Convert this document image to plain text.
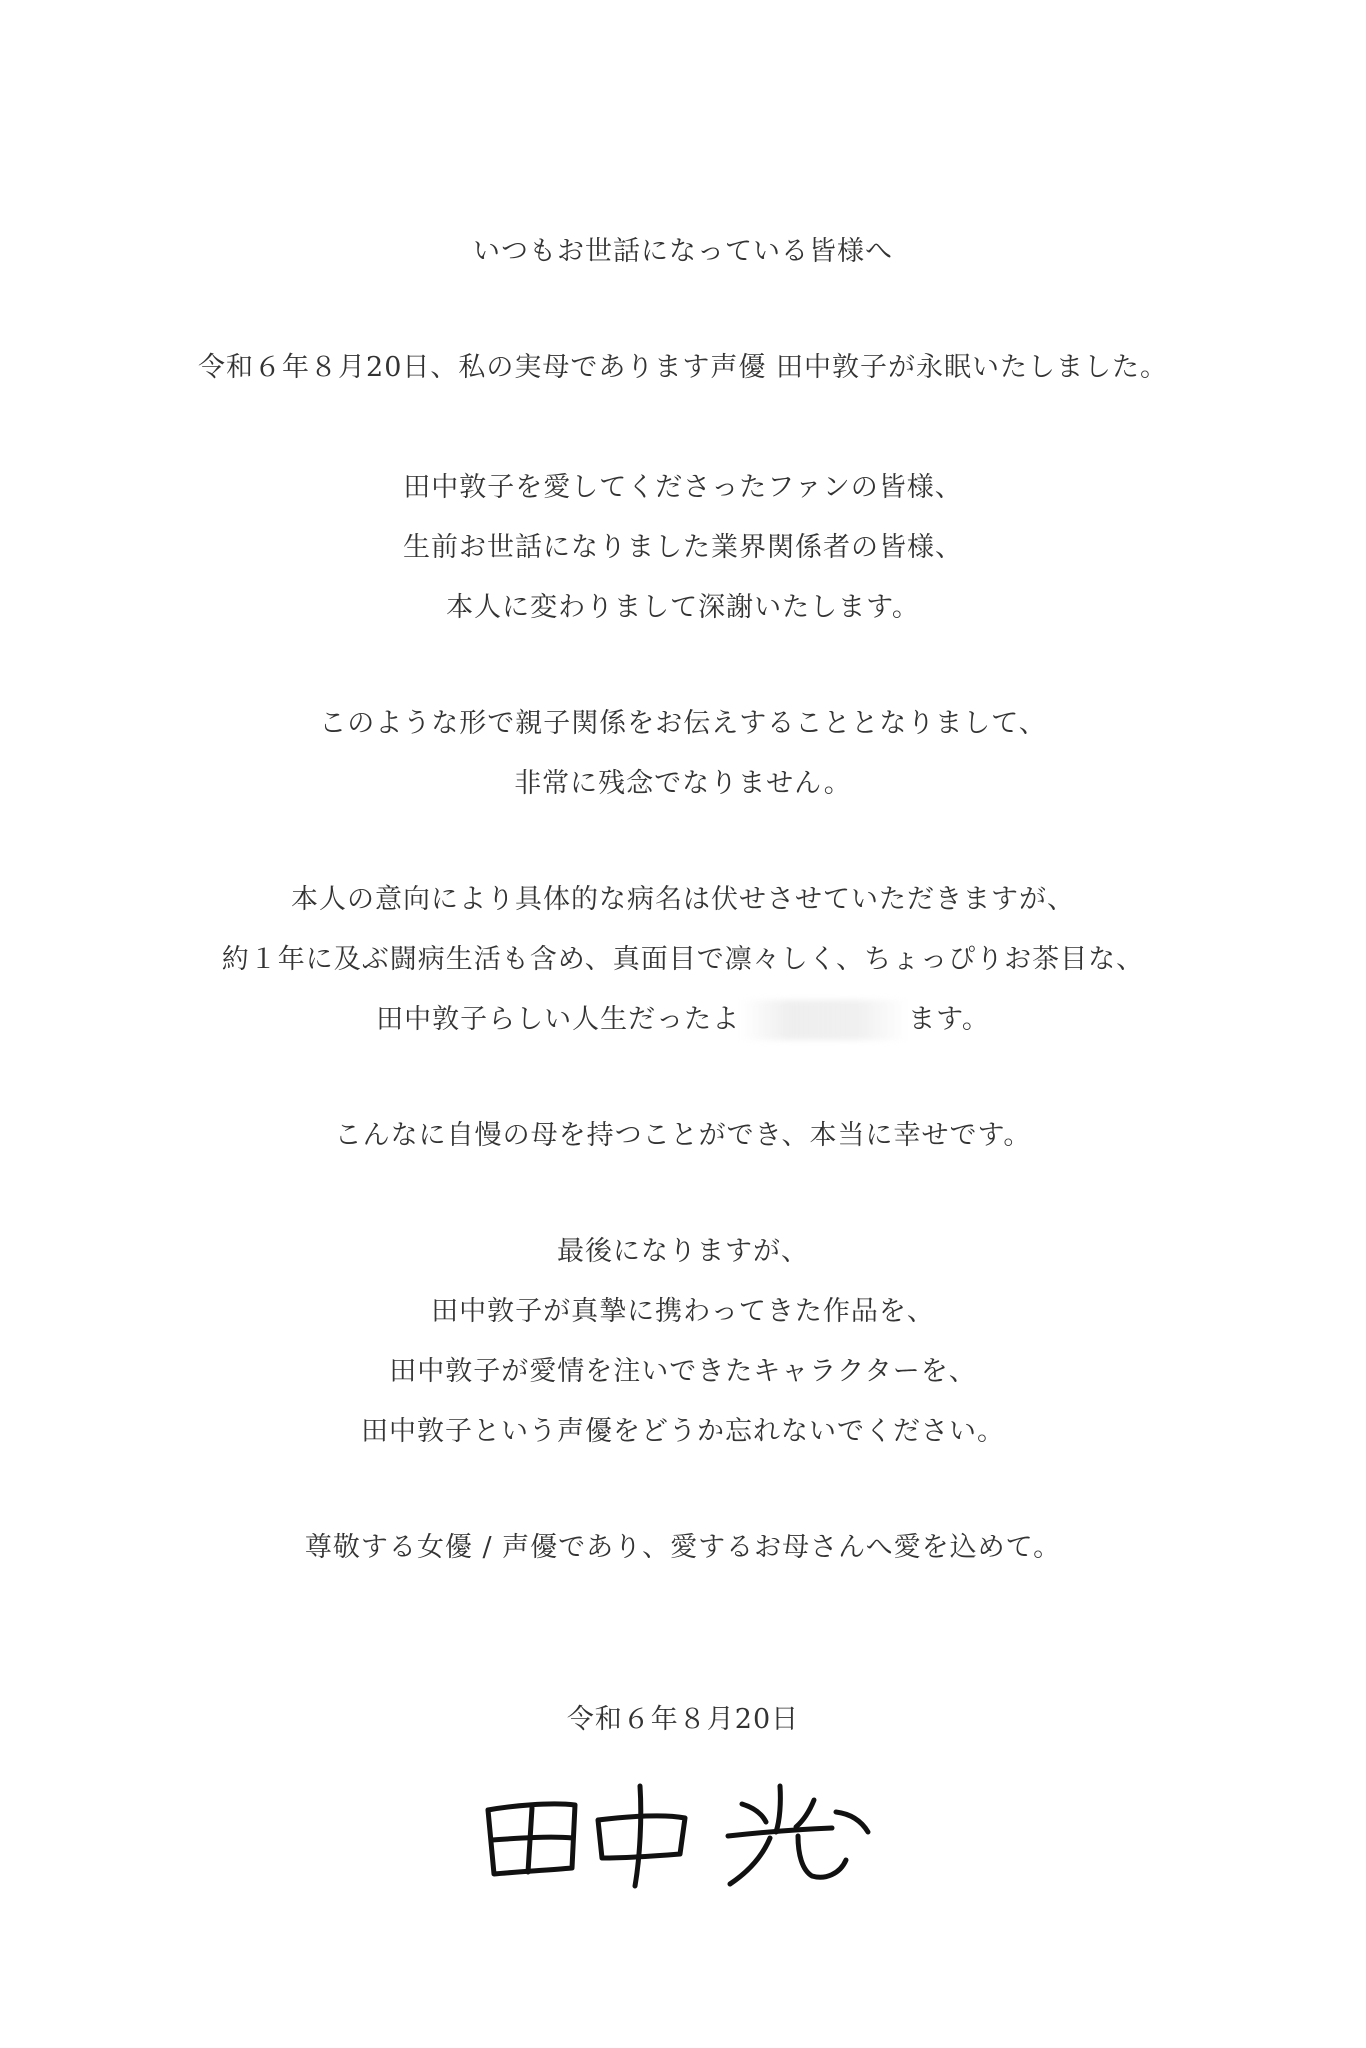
いつもお世話になっている皆様へ
令和６年８月20日、私の実母であります声優 田中敦子が永眠いたしました。
田中敦子を愛してくださったファンの皆様、
生前お世話になりました業界関係者の皆様、
本人に変わりまして深謝いたします。
このような形で親子関係をお伝えすることとなりまして、
非常に残念でなりません。
本人の意向により具体的な病名は伏せさせていただきますが、
約１年に及ぶ闘病生活も含め、真面目で凛々しく、ちょっぴりお茶目な、
田中敦子らしい人生だったよ	ます。
こんなに自慢の母を持つことができ、本当に幸せです。
最後になりますが、
田中敦子が真摯に携わってきた作品を、
田中敦子が愛情を注いできたキャラクターを、
田中敦子という声優をどうか忘れないでください。
尊敬する女優 / 声優であり、愛するお母さんへ愛を込めて。
令和６年８月20日
